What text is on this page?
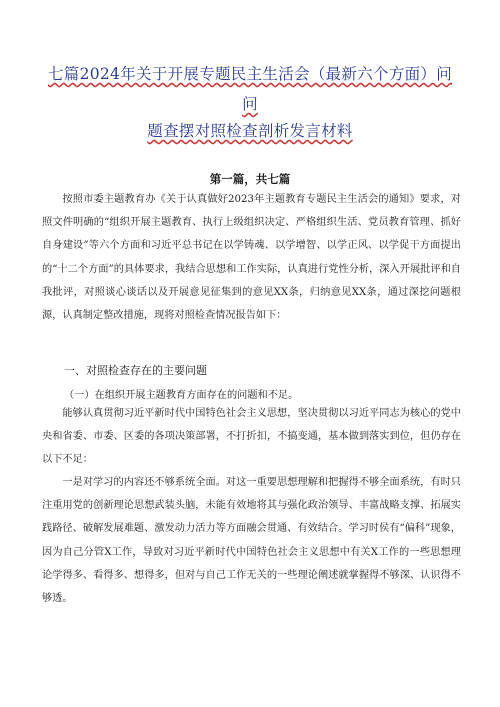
七篇2024年关于开展专题民主生活会（最新六个方面）问
问
题查摆对照检查剖析发言材料
第一篇，共七篇
按照市委主题教育办《关于认真做好2023年主题教育专题民主生活会的通知》要求，对照文件明确的“组织开展主题教育、执行上级组织决定、严格组织生活、党员教育管理、抓好自身建设”等六个方面和习近平总书记在以学铸魂、以学增智、以学正风、以学促干方面提出的“十二个方面”的具体要求，我结合思想和工作实际，认真进行党性分析，深入开展批评和自我批评，对照谈心谈话以及开展意见征集到的意见XX条，归纳意见XX条，通过深挖问题根源，认真制定整改措施，现将对照检查情况报告如下：
一、对照检查存在的主要问题
（一）在组织开展主题教育方面存在的问题和不足。
能够认真贯彻习近平新时代中国特色社会主义思想，坚决贯彻以习近平同志为核心的党中央和省委、市委、区委的各项决策部署，不打折扣，不搞变通，基本做到落实到位，但仍存在以下不足：
一是对学习的内容还不够系统全面。对这一重要思想理解和把握得不够全面系统，有时只注重用党的创新理论思想武装头脑，未能有效地将其与强化政治领导、丰富战略支撑、拓展实践路径、破解发展难题、激发动力活力等方面融会贯通、有效结合。学习时侯有“偏科”现象，因为自己分管X工作，导致对习近平新时代中国特色社会主义思想中有关X工作的一些思想理论学得多、看得多、想得多，但对与自己工作无关的一些理论阐述就掌握得不够深、认识得不够透。
